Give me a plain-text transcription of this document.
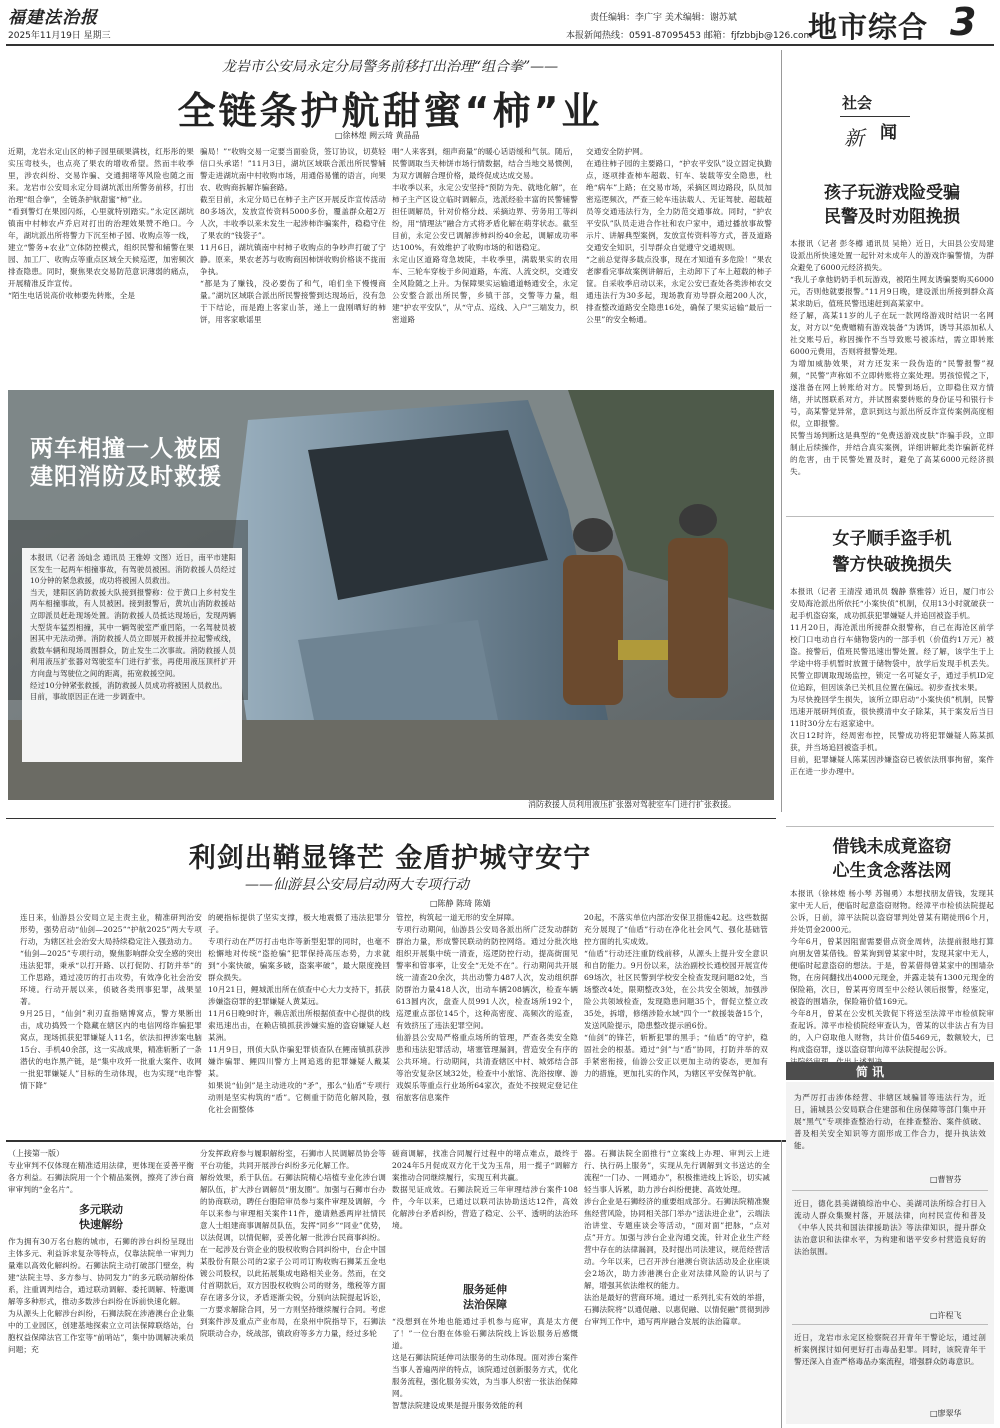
福建法治报
2025年11月19日 星期三
责任编辑：李广宇 美术编辑：谢苏斌
本报新闻热线：0591-87095453 邮箱：fjfzbbjb@126.com
地市综合 3
龙岩市公安局永定分局警务前移打出治理“组合拳”——
全链条护航甜蜜“柿”业
□徐林煌 阙云琦 黄晶晶
近期，龙岩永定山区的柿子园里硕果满枝，红彤彤的果实压弯枝头，也点亮了果农的增收希望。然而丰收季里，涉农纠纷、交易诈骗、交通拥堵等风险也随之而来。龙岩市公安局永定分局湖坑派出所警务前移，打出治理“组合拳”，全链条护航甜蜜“柿”业。
“看到警灯在果园闪烁，心里就特别踏实。”永定区湖坑镇南中村柿农卢乔启对打出的治理效果赞不绝口。今年，湖坑派出所将警力下沉至柿子园、收购点等一线，建立“警务+农业”立体防控模式，组织民警和辅警在果园、加工厂、收购点等重点区域全天候巡逻，加密频次排查隐患。同时，聚焦果农交易防范意识薄弱的痛点，开展精准反诈宣传。
“陌生电话说高价收柿要先转账，全是
骗局！”“收购交易一定要当面验货，签订协议，切莫轻信口头承诺！”11月3日，湖坑区域联合派出所民警辅警走进湖坑南中村收购市场，用通俗易懂的语言，向果农、收购商拆解诈骗套路。
截至目前，永定分局已在柿子主产区开展反诈宣传活动80多场次，发放宣传资料5000多份，覆盖群众超2万人次，丰收季以来未发生一起涉柿诈骗案件，稳稳守住了果农的“钱袋子”。
11月6日，湖坑镇南中村柿子收购点的争吵声打破了宁静。原来，果农老苏与收购商因柿饼收购价格谈不拢而争执。
“都是为了赚钱，没必要伤了和气，咱们坐下慢慢商量。”湖坑区域联合派出所民警接警到达现场后，没有急于下结论，而是跑上客家山茶，递上一盘刚晒好的柿饼，用客家歌谣里
唱“人来客到，细声商量”的暖心话语缓和气氛。随后，民警调取当天柿饼市场行情数据，结合当地交易惯例，为双方调解合理价格，最终促成达成交易。
丰收季以来，永定公安坚持“预防为先、就地化解”，在柿子主产区设立临时调解点，选派经验丰富的民警辅警担任调解员，针对价格分歧、采摘边界、劳务用工等纠纷，用“情理法”融合方式将矛盾化解在萌芽状态。截至目前，永定公安已调解涉柿纠纷40余起，调解成功率达100%，有效维护了收购市场的和谐稳定。
永定山区道路弯急坡陡，丰收季里，满载果实的农用车、三轮车穿梭于乡间道路，车流、人流交织，交通安全风险随之上升。为保障果实运输通道畅通安全，永定公安整合派出所民警，乡镇干部，交警等力量，组建“护农平安队”，从“守点、巡线、入户”三端发力，织密道路
交通安全防护网。
在通往柿子园的主要路口，“护农平安队”设立固定执勤点，逐项排查柿车超载、钉车、装载等安全隐患，杜绝“病车”上路；在交易市场，采摘区周边路段，队员加密巡逻频次，严查三轮车违法载人、无证驾驶、超载超员等交通违法行为，全力防范交通事故。同时，“护农平安队”队员走进合作社和农户家中，通过播放事故警示片、讲解典型案例，发放宣传资料等方式，普及道路交通安全知识，引导群众自觉遵守交通规则。
“之前总觉得多载点没事，现在才知道有多危险！”果农老廖看完事故案例讲解后，主动卸下了车上超载的柿子筐。自采收季启动以来，永定公安已查处各类涉柿农交通违法行为30多起，现场教育劝导群众超200人次，排查整改道路安全隐患16处，确保了果实运输“最后一公里”的安全畅通。
两车相撞一人被困
建阳消防及时救援
本报讯（记者 汤灿念 通讯员 王雅婷 文图）近日，南平市建阳区发生一起两车相撞事故，有驾驶员被困。消防救援人员经过10分钟的紧急救援，成功将被困人员救出。
当天，建阳区消防救援大队接到报警称：位于黄口上乡村发生两车相撞事故，有人员被困。接到报警后，黄坑山消防救援站立即派员赶赴现场处置。消防救援人员抵达现场后，发现两辆大型货车猛烈相撞，其中一辆驾驶室严重凹陷，一名驾驶员被困其中无法动弹。消防救援人员立即展开救援并拉起警戒线，救数车辆和现场周围群众，防止发生二次事故。消防救援人员利用液压扩张器对驾驶室车门进行扩张，再使用液压顶杆扩开方向盘与驾驶位之间的距离，拓宽救援空间。
经过10分钟紧张救援，消防救援人员成功将被困人员救出。
目前，事故原因正在进一步调查中。
消防救援人员利用液压扩张器对驾驶室车门进行扩张救援。
利剑出鞘显锋芒 金盾护城守安宁
——仙游县公安局启动两大专项行动
□陈静 陈琦 陈婧
连日来，仙游县公安局立足主责主业，精准研判治安形势，强势启动“仙剑—2025”“护航2025”两大专项行动，为辖区社会治安大局持续稳定注入强劲动力。
“仙剑—2025”专项行动，聚焦影响群众安全感的突出违法犯罪，秉承“以打开路、以打促防、打防并举”的工作思路，通过凌厉的打击攻势，有效净化社会治安环境。行动开展以来，侦破各类刑事犯罪，战果显著。
9月25日，“仙剑”利刃直指赌博窝点，警方果断出击，成功捣毁一个隐藏在辖区内的电信网络诈骗犯罪窝点，现场抓获犯罪嫌疑人11名，依法扣押涉案电脑15台、手机40余部，这一实战成果，精准斩断了一条潜伏的电诈黑产链，是“集中攻歼一批重大案件、收网一批犯罪嫌疑人”目标的生动体现，也为实现“电诈警情下降”
的硬指标提供了坚实支撑，极大地震慑了违法犯罪分子。
专项行动在严厉打击电诈等新型犯罪的同时，也毫不松懈地对传统“盗抢骗”犯罪保持高压态势，力求就到“小案快破，骗案多破，盗案率破”，最大限度挽回群众损失。
10月21日，鲤城派出所在侦查中心大力支持下，抓获涉嫌盗窃罪的犯罪嫌疑人黄某远。
11月6日晚9时许，赖店派出所根据侦查中心提供的线索迅速出击，在赖店镇抓获涉嫌实施的盗窃嫌疑人赵某洲。
11月9日，刑侦大队诈骗犯罪侦查队在鲤南镇抓获涉嫌诈骗罪、鲤四川警方上网追逃的犯罪嫌疑人戴某某。
如果说“仙剑”是主动进攻的“矛”，那么“仙盾”专项行动则是坚实构筑的“盾”。它侧重于防范化解风险，强化社会面整体
管控，构筑起一道无形的安全屏障。
专项行动期间，仙游县公安局各派出所广泛发动群防群治力量，形成警民联动的防控网络。通过分批次地组织开展集中统一清查，巡逻防控行动，提高街面见警率和管事率，让安全“无处不在”。行动期间共开展统一清查20余次，共出动警力487人次，发动组织群防群治力量418人次，出动车辆208辆次，检查车辆613圆内次，盘查人员991人次，检查场所192个，巡逻重点部位145个，这种高密度、高频次的巡查，有效挤压了违法犯罪空间。
仙游县公安局严格重点场所的管理，严查各类安全隐患和违法犯罪活动，堵塞管理漏洞，营造安全有序的公共环境。行动期间，共清查辖区中村、城郊结合部等治安复杂区域32处，检查中小旅馆、洗浴按摩、游戏娱乐等重点行业场所64家次，查处不按规定登记住宿旅客信息案件
20起，不落实单位内部治安保卫措施42起。这些数据充分展现了“仙盾”行动在净化社会风气、强化基础管控方面的扎实成效。
“仙盾”行动还注重防线前移，从源头上提升安全意识和自防能力。9月份以来，法治副校长通校园开展宣传69场次，社区民警到学校安全检查发现问题82处，当场整改4处，限期整改3处，在公共安全领域，加强涉险公共领域检查，发现隐患问题35个，督促立整立改35处，拆增，修缮涉险水域“四个一”救援装备15个，发送风险提示，隐患整改提示函6份。
“仙剑”的锋芒，斩断犯罪的黑手；“仙盾”的守护，稳固社会的根基。通过“剑”与“盾”协同，打防并举的双手紧密衔接，仙游公安正以更加主动的姿态，更加有力的措施，更加扎实的作风，为辖区平安保驾护航。
（上接第一版）
专业审判不仅体现在精准适用法律，更体现在妥善平衡各方利益。石狮法院用一个个精品案例，擦亮了涉台商审审判的“金名片”。
多元联动
快速解纷
作为拥有30万名台胞的城市，石狮的涉台纠纷呈现出主体多元、利益诉求复杂等特点，仅靠法院单一审判力量难以高效化解纠纷。石狮法院主动打破部门壁垒，构建“法院主导、多方参与、协同发力”的多元联动解纷体系，注重调判结合，通过联动调解、委托调解、特邀调解等多种形式，推动多数涉台纠纷在诉前快速化解。
为从源头上化解涉台纠纷，石狮法院在涉港澳台企业集中的工业园区，创建基地探索立立司法保障联络站，台胞权益保障法官工作室等“前哨站”，集中协调解决乘员问题；充
分发挥政府参与履职解纷室，石狮市人民调解员协会等平台功能，共同开展涉台纠纷多元化解工作。
解纷效果，系于队伍。石狮法院精心培植专业化涉台调解队伍，扩大涉台调解员“朋友圈”。加强与石狮市台办的协商联动，聘任台胞陪审员参与案件审理及调解，今年以来参与审理相关案件11件，邀请熟悉两岸社情民意人士组建商事调解员队伍，发挥“同乡”“同业”优势，以法促调，以情促解，妥善化解一批涉台民商事纠纷。
在一起涉及台资企业的股权收购合同纠纷中，台企中国某股份有限公司的2家子公司司订购收购石狮某五金电镀公司股权，以此拓展集成电路相关业务。然而，在交付首期款后，双方因股权收购公司的财务，缴税等方面存在诸多分议，矛盾逐渐尖锐，分别向法院提起诉讼，一方要求解除合同，另一方则坚持继续履行合同。考虑到案件涉及重点产业布局，在泉州中院指导下，石狮法院联动合办，统战部，镇政府等多方力量，经过多轮
磋商调解，找准合同履行过程中的堵点难点，最终于2024年5月促成双方化干戈为玉帛，用一揽子“调解方案推动合同继续履行，实现互利共赢。
数据见证成效。石狮法院近三年审理结涉台案件108件，今年以来，已通过以联司法协助送达12件，高效化解涉台矛盾纠纷，营造了稳定、公平、透明的法治环境。
服务延伸
法治保障
“没想到在外地也能通过手机参与庭审，真是太方便了！”一位台胞在体验石狮法院线上诉讼服务后感慨道。
这是石狮法院延伸司法服务的生动体现。面对涉台案件当事人普遍两岸的特点，该院通过创新服务方式，优化服务流程，强化服务实效，为当事人织密一张法治保障网。
智慧法院建设成果是提升服务效能的利
器。石狮法院全面推行“立案线上办理、审判云上进行、执行码上服务”，实现从先行调解到文书送达的全流程“一门办、一网通办”，积极推进线上诉讼，切实减轻当事人诉累，助力涉台纠纷便捷、高效处理。
涉台企业是石狮经济的重要组成部分。石狮法院精准聚焦经营风险，协同相关部门举办“送法进企业”，云端法治讲堂、专题座谈会等活动，“面对面”把脉，“点对点”开方。加强与涉台企业沟通交流，针对企业生产经营中存在的法律漏洞，及时提出司法建议，规范经营活动。今年以来，已召开涉台港澳台资法活动及企业座谈会2场次，助力涉港澳台企业对法律风险的认识与了解，增强其依法维权的能力。
法治是最好的营商环境。通过一系列扎实有效的举措，石狮法院将“以通促融、以惠促融、以情促融”贯彻到涉台审判工作中，通写两岸融合发展的法治篇章。
社会
新 闻
孩子玩游戏险受骗
民警及时劝阻挽损
本报讯（记者 彭冬樽 通讯员 吴艳）近日，大田县公安局建设派出所快速处置一起针对未成年人的游戏诈骗警情，为群众避免了6000元经济损失。
“我儿子拿他奶奶手机玩游戏，被陌生网友诱骗要购买6000元，否则他就要报警。”11月9日晚，建设派出所接到群众高某求助后，值班民警迅速赶到高某家中。
经了解，高某11岁的儿子在玩一款网络游戏时结识一名网友，对方以“免费赠精有游戏装备”为诱饵，诱导其添加私人社交账号后，称因操作不当导致账号被冻结，需立即转账6000元费用，否则将报警处理。
为增加威胁效果，对方还发来一段伪造的“民警报警”视频，“民警”声称如不立即转账将立案处理。男孩惊慌之下，遂准备在网上转账给对方。民警到场后，立即稳住双方情绪，并试图联系对方，并试图索要转账的身份证号和银行卡号，高某警觉异常，意识到这与派出所反诈宣传案例高度相似，立即报警。
民警当场判断这是典型的“免费送游戏皮肤”诈骗手段，立即制止后续操作，并结合真实案例，详细讲解此类诈骗新花样的危害，由于民警处置及时，避免了高某6000元经济损失。
女子顺手盗手机
警方快破挽损失
本报讯（记者 王清滢 通讯员 魏静 蔡雅蓉）近日，厦门市公安局海沧派出所依托“小案快侦”机制，仅用13小时就破获一起手机盗窃案，成功抓获犯罪嫌疑人并追回被盗手机。
11月20日，海沧派出所接群众报警称，自己在海沧区前学校门口电动自行车储物袋内的一部手机（价值约1万元）被盗。接警后，值班民警迅速出警处置。经了解，该学生于上学途中将手机暂时放置于储物袋中，放学后发现手机丢失。民警立即调取现场监控，锁定一名可疑女子，通过手机ID定位追踪，但因该条已关机且位置在偏远。初步查找未果。
为尽快挽回学生损失，该所立即启动“小案快侦”机制，民警迅速开展研判侦查，很快摸清中女子除某，其于案发后当日11时30分左右返家途中。
次日12时许，经周密布控，民警成功将犯罪嫌疑人陈某抓获，并当场追回被盗手机。
目前，犯罪嫌疑人陈某因涉嫌盗窃已被依法刑事拘留，案件正在进一步办理中。
借钱未成竟盗窃
心生贪念落法网
本报讯（徐林煌 杨小琴 苏锡勇）本想找朋友借钱，发现其家中无人后，便临时起意盗窃财物。经漳平市检侦法院提起公诉，日前，漳平法院以盗窃罪判处曾某有期徒刑6个月，并处罚金2000元。
今年6月，曾某因阻窗需要借点资金周转，法提前报地打算向朋友曾某借钱。曾某询到曾某家中时，发现其家中无人，便临时起意盗窃的想法。于是，曾某借得曾某家中的围墙杂物，在房间翻找出4000元现金，并露走装有1300元现金的保险箱，次日，曾某再穷周至中公经认领后报警，经鉴定，被盗的围墙杂，保险箱价值169元。
今年8月，曾某在公安机关敦促下将送至法漳平市检侦院审查起诉。漳平市检侦院经审查认为，曾某的以非法占有为目的，入户窃取他人财物，共计价值5469元，数额较大，已构成盗窃罪，遂以盗窃罪向漳平法院提起公诉。

简讯
为严厉打击涉体经营、非辖区域骗冒等违法行为，近日，浦城县公安局联合住建部和住房保障等部门集中开展“黑气”专项排查整治行动，在排查整治、案件侦破、普及相关安全知识等方面形成工作合力，提升执法效能。
□曹智芬
近日，德化县美湖镇综治中心、美湖司法所综合打日入流动人群众集聚村落，开展法律，向村民宣传和普及《中华人民共和国法律援助法》等法律知识，提升群众法治意识和法律水平，为构建和谐平安乡村营造良好的法治氛围。
□许程飞
近日，龙岩市永定区检察院召开青年干警论坛，通过剖析案例探讨如何更好打击毒品犯罪。同时，该院青年干警还深入自查严格毒品办案流程，增强群众防毒意识。
□廖翠华
